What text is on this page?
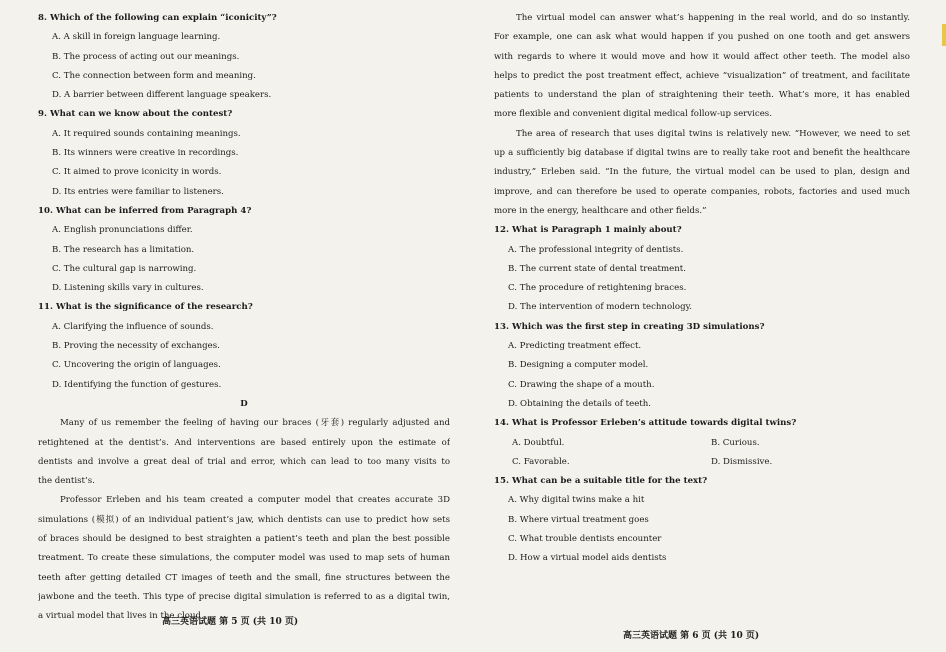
8. Which of the following can explain “iconicity”?
A. A skill in foreign language learning.
B. The process of acting out our meanings.
C. The connection between form and meaning.
D. A barrier between different language speakers.
9. What can we know about the contest?
A. It required sounds containing meanings.
B. Its winners were creative in recordings.
C. It aimed to prove iconicity in words.
D. Its entries were familiar to listeners.
10. What can be inferred from Paragraph 4?
A. English pronunciations differ.
B. The research has a limitation.
C. The cultural gap is narrowing.
D. Listening skills vary in cultures.
11. What is the significance of the research?
A. Clarifying the influence of sounds.
B. Proving the necessity of exchanges.
C. Uncovering the origin of languages.
D. Identifying the function of gestures.
D
Many of us remember the feeling of having our braces (牙套) regularly adjusted and
retightened at the dentist’s. And interventions are based entirely upon the estimate of
dentists and involve a great deal of trial and error, which can lead to too many visits to
the dentist’s.
Professor Erleben and his team created a computer model that creates accurate 3D
simulations (模拟) of an individual patient’s jaw, which dentists can use to predict how sets
of braces should be designed to best straighten a patient’s teeth and plan the best possible
treatment. To create these simulations, the computer model was used to map sets of human
teeth after getting detailed CT images of teeth and the small, fine structures between the
jawbone and the teeth. This type of precise digital simulation is referred to as a digital twin,
a virtual model that lives in the cloud.
高三英语试题 第 5 页 (共 10 页)
The virtual model can answer what’s happening in the real world, and do so instantly.
For example, one can ask what would happen if you pushed on one tooth and get answers
with regards to where it would move and how it would affect other teeth. The model also
helps to predict the post treatment effect, achieve “visualization” of treatment, and facilitate
patients to understand the plan of straightening their teeth. What’s more, it has enabled
more flexible and convenient digital medical follow-up services.
The area of research that uses digital twins is relatively new. “However, we need to set
up a sufficiently big database if digital twins are to really take root and benefit the healthcare
industry,” Erleben said. “In the future, the virtual model can be used to plan, design and
improve, and can therefore be used to operate companies, robots, factories and used much
more in the energy, healthcare and other fields.”
12. What is Paragraph 1 mainly about?
A. The professional integrity of dentists.
B. The current state of dental treatment.
C. The procedure of retightening braces.
D. The intervention of modern technology.
13. Which was the first step in creating 3D simulations?
A. Predicting treatment effect.
B. Designing a computer model.
C. Drawing the shape of a mouth.
D. Obtaining the details of teeth.
14. What is Professor Erleben’s attitude towards digital twins?
A. Doubtful.	B. Curious.
C. Favorable.	D. Dismissive.
15. What can be a suitable title for the text?
A. Why digital twins make a hit
B. Where virtual treatment goes
C. What trouble dentists encounter
D. How a virtual model aids dentists
高三英语试题 第 6 页 (共 10 页)
